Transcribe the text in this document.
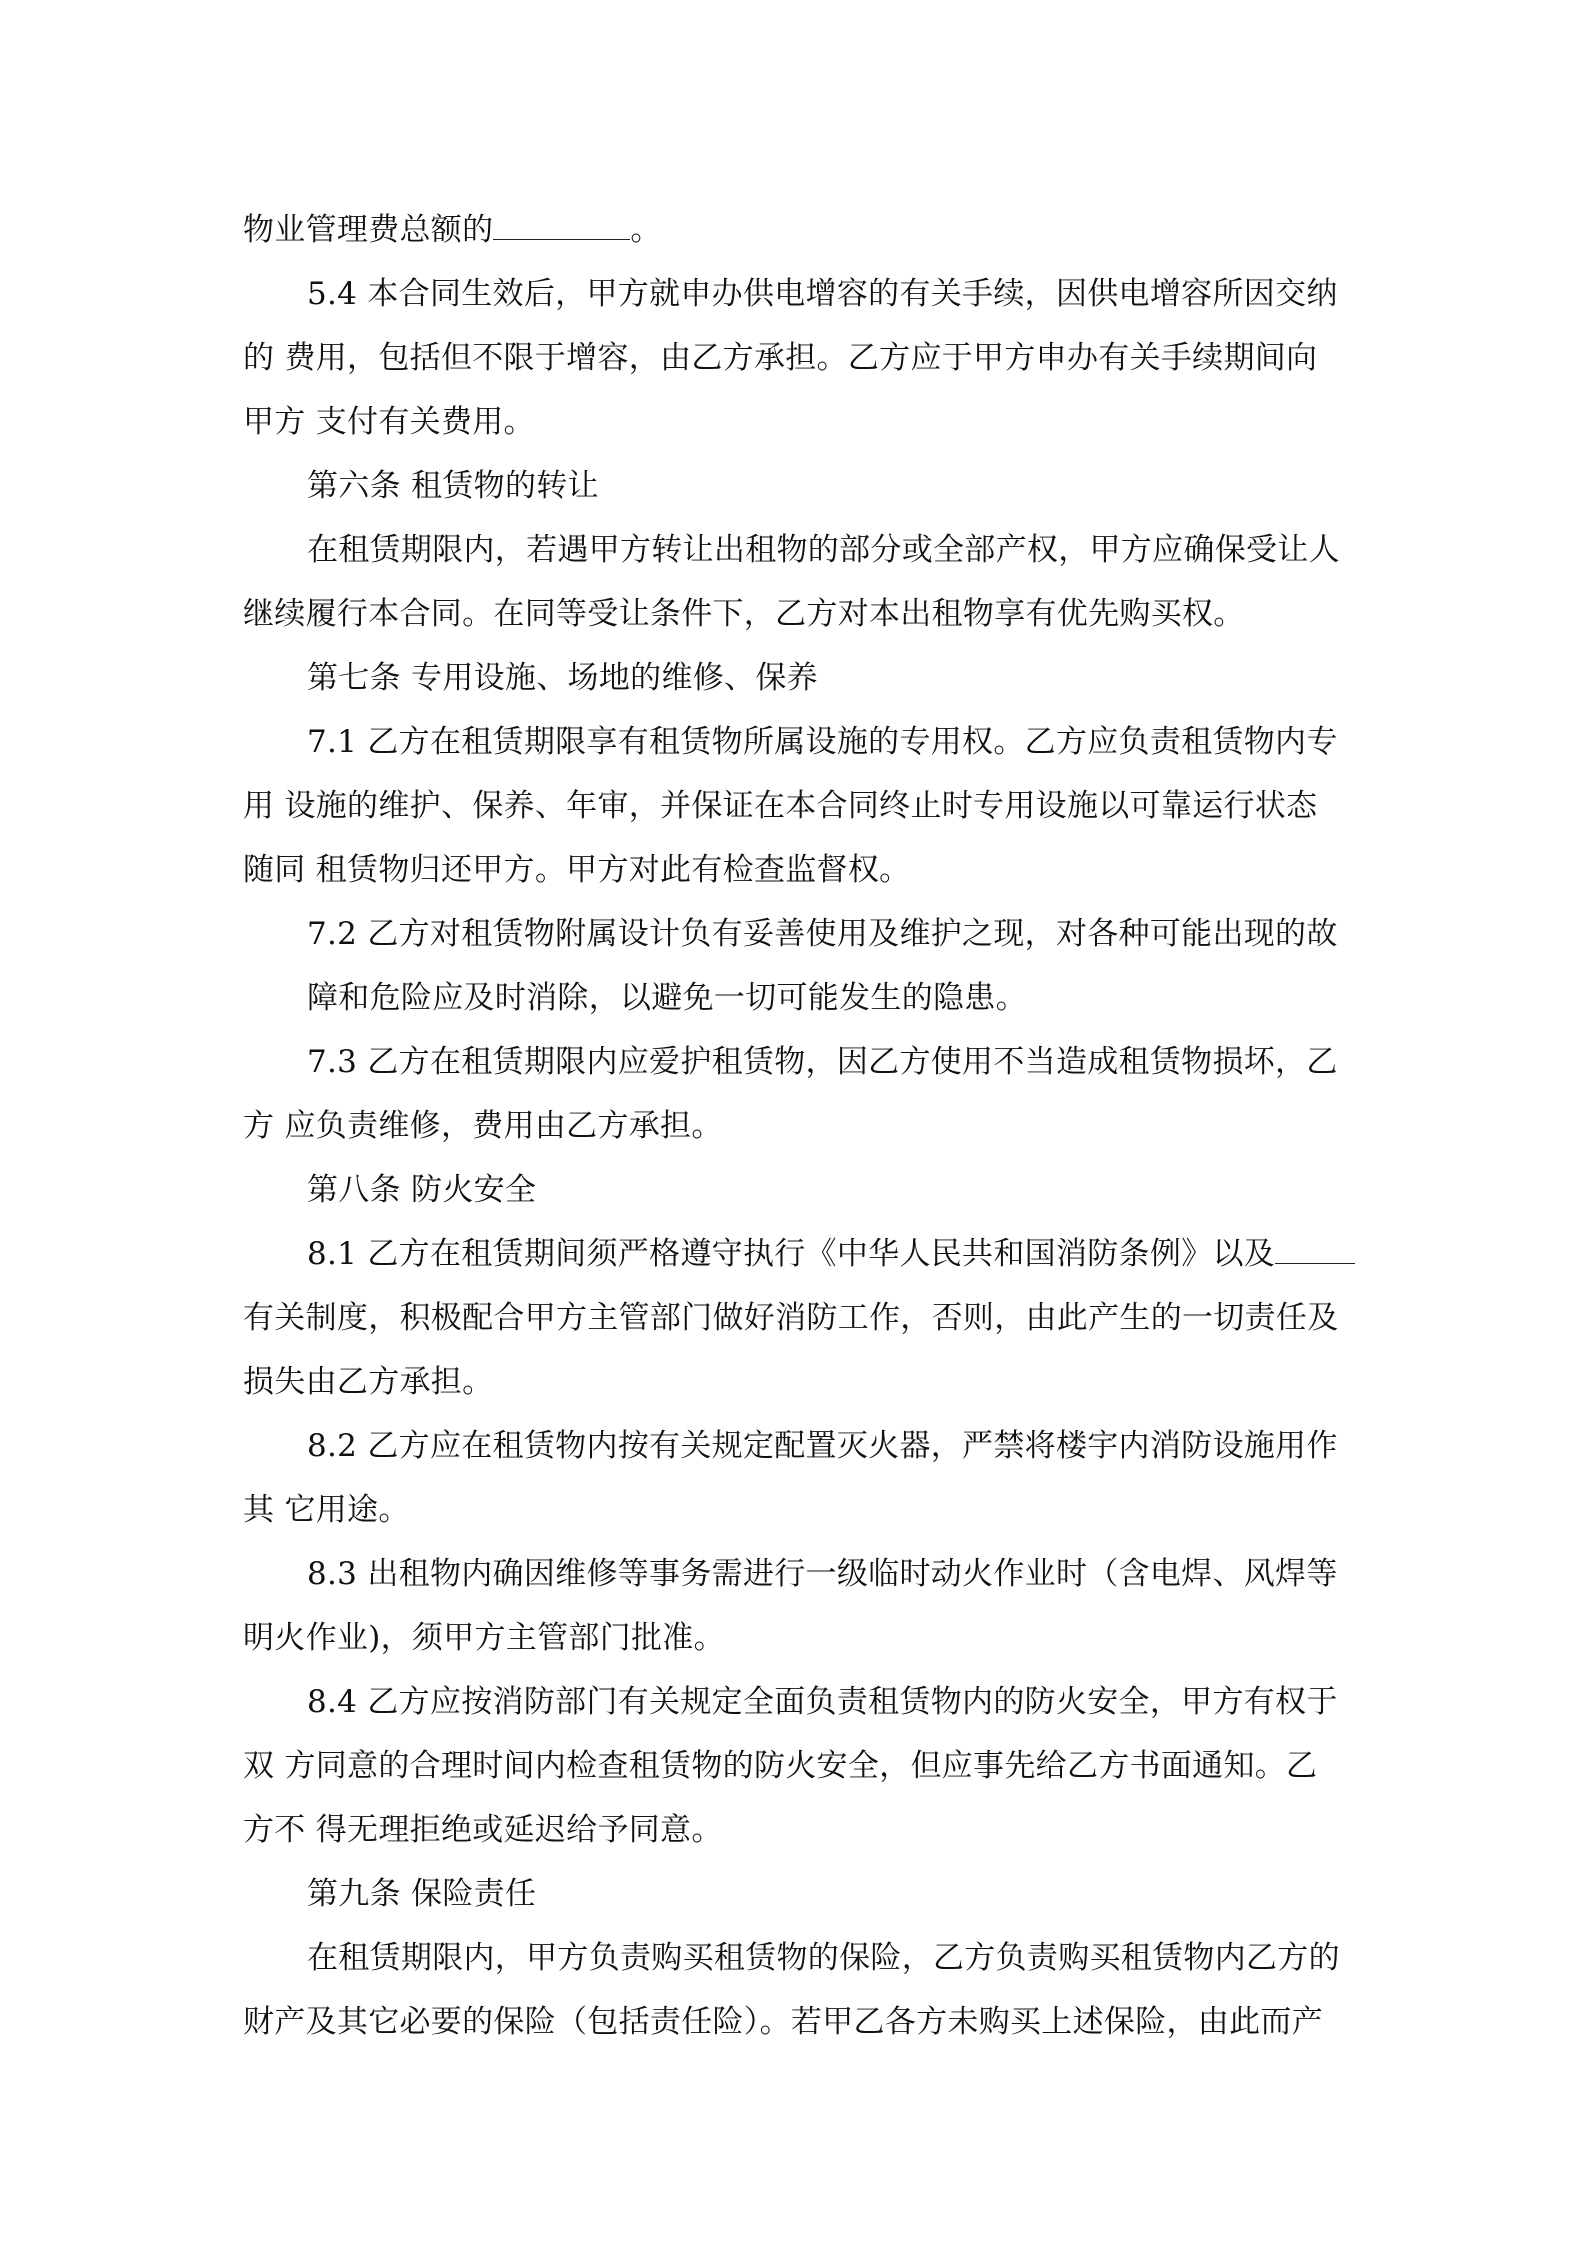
物业管理费总额的	。
5.4 本合同生效后，甲方就申办供电增容的有关手续，因供电增容所因交纳
的 费用，包括但不限于增容，由乙方承担。乙方应于甲方申办有关手续期间向
甲方 支付有关费用。
第六条 租赁物的转让
在租赁期限内，若遇甲方转让出租物的部分或全部产权，甲方应确保受让人
继续履行本合同。在同等受让条件下，乙方对本出租物享有优先购买权。
第七条 专用设施、场地的维修、保养
7.1 乙方在租赁期限享有租赁物所属设施的专用权。乙方应负责租赁物内专
用 设施的维护、保养、年审，并保证在本合同终止时专用设施以可靠运行状态
随同 租赁物归还甲方。甲方对此有检查监督权。
7.2 乙方对租赁物附属设计负有妥善使用及维护之现，对各种可能出现的故
障和危险应及时消除，以避免一切可能发生的隐患。
7.3 乙方在租赁期限内应爱护租赁物，因乙方使用不当造成租赁物损坏，乙
方 应负责维修，费用由乙方承担。
第八条 防火安全
8.1 乙方在租赁期间须严格遵守执行《中华人民共和国消防条例》以及
有关制度，积极配合甲方主管部门做好消防工作，否则，由此产生的一切责任及
损失由乙方承担。
8.2 乙方应在租赁物内按有关规定配置灭火器，严禁将楼宇内消防设施用作
其 它用途。
8.3 出租物内确因维修等事务需进行一级临时动火作业时（含电焊、风焊等
明火作业)，须甲方主管部门批准。
8.4 乙方应按消防部门有关规定全面负责租赁物内的防火安全，甲方有权于
双 方同意的合理时间内检查租赁物的防火安全，但应事先给乙方书面通知。乙
方不 得无理拒绝或延迟给予同意。
第九条 保险责任
在租赁期限内，甲方负责购买租赁物的保险，乙方负责购买租赁物内乙方的
财产及其它必要的保险（包括责任险）。若甲乙各方未购买上述保险，由此而产
